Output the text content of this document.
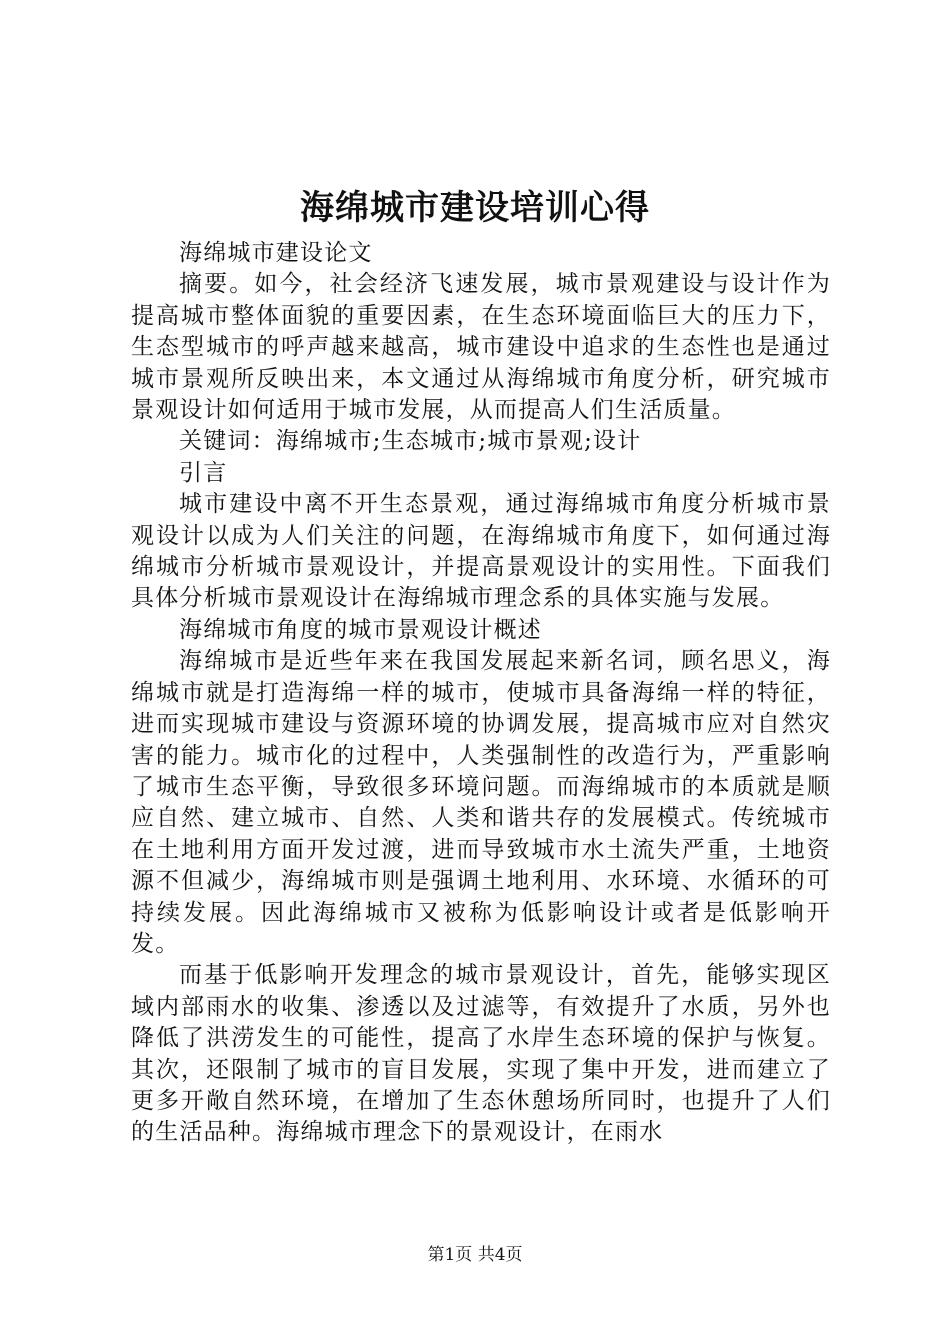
海绵城市建设培训心得

海绵城市建设论文

摘要。如今，社会经济飞速发展，城市景观建设与设计作为提高城市整体面貌的重要因素，在生态环境面临巨大的压力下，生态型城市的呼声越来越高，城市建设中追求的生态性也是通过城市景观所反映出来，本文通过从海绵城市角度分析，研究城市景观设计如何适用于城市发展，从而提高人们生活质量。

关键词：海绵城市;生态城市;城市景观;设计

引言

城市建设中离不开生态景观，通过海绵城市角度分析城市景观设计以成为人们关注的问题，在海绵城市角度下，如何通过海绵城市分析城市景观设计，并提高景观设计的实用性。下面我们具体分析城市景观设计在海绵城市理念系的具体实施与发展。

海绵城市角度的城市景观设计概述

海绵城市是近些年来在我国发展起来新名词，顾名思义，海绵城市就是打造海绵一样的城市，使城市具备海绵一样的特征，进而实现城市建设与资源环境的协调发展，提高城市应对自然灾害的能力。城市化的过程中，人类强制性的改造行为，严重影响了城市生态平衡，导致很多环境问题。而海绵城市的本质就是顺应自然、建立城市、自然、人类和谐共存的发展模式。传统城市在土地利用方面开发过渡，进而导致城市水土流失严重，土地资源不但减少，海绵城市则是强调土地利用、水环境、水循环的可持续发展。因此海绵城市又被称为低影响设计或者是低影响开发。

而基于低影响开发理念的城市景观设计，首先，能够实现区域内部雨水的收集、渗透以及过滤等，有效提升了水质，另外也降低了洪涝发生的可能性，提高了水岸生态环境的保护与恢复。其次，还限制了城市的盲目发展，实现了集中开发，进而建立了更多开敞自然环境，在增加了生态休憩场所同时，也提升了人们的生活品种。海绵城市理念下的景观设计，在雨水

第1页 共4页
